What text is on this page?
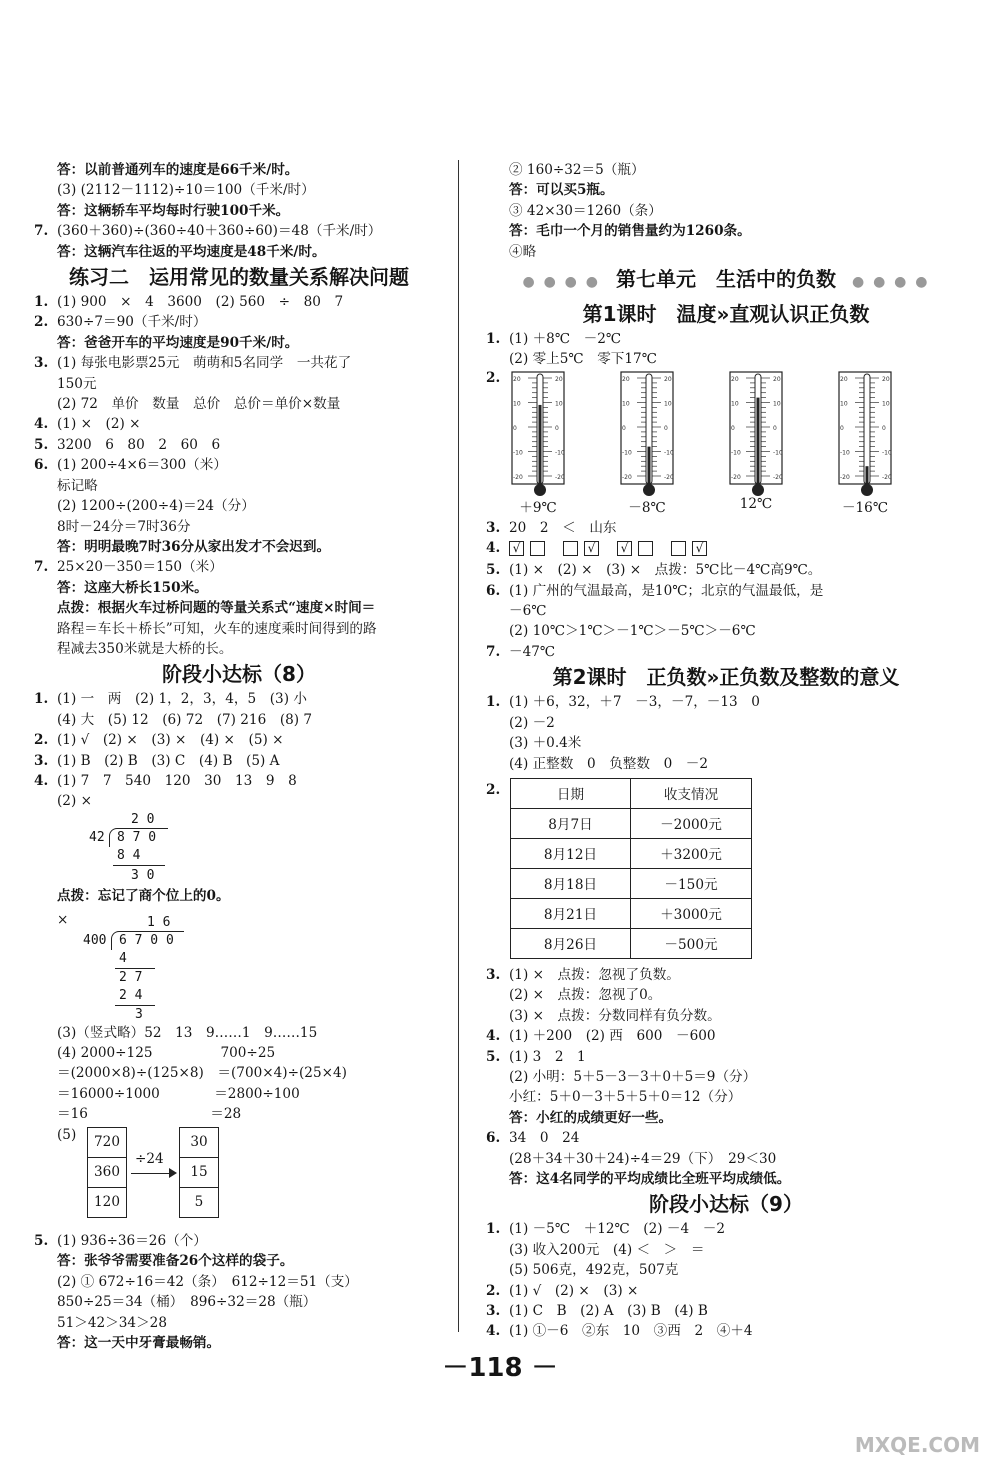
答：以前普通列车的速度是66千米/时。
(3) (2112－1112)÷10＝100（千米/时）
答：这辆轿车平均每时行驶100千米。
7. (360＋360)÷(360÷40＋360÷60)＝48（千米/时）
答：这辆汽车往返的平均速度是48千米/时。
练习二　运用常见的数量关系解决问题
1. (1) 900　×　4　3600　(2) 560　÷　80　7
2. 630÷7＝90（千米/时）
答：爸爸开车的平均速度是90千米/时。
3. (1) 每张电影票25元　萌萌和5名同学　一共花了
150元
(2) 72　单价　数量　总价　总价＝单价×数量
4. (1) ×　(2) ×
5. 3200　6　80　2　60　6
6. (1) 200÷4×6＝300（米）
标记略
(2) 1200÷(200÷4)＝24（分）
8时－24分＝7时36分
答：明明最晚7时36分从家出发才不会迟到。
7. 25×20－350＝150（米）
答：这座大桥长150米。
点拨：根据火车过桥问题的等量关系式“速度×时间＝
路程＝车长＋桥长”可知，火车的速度乘时间得到的路
程减去350米就是大桥的长。
阶段小达标（8）
1. (1) 一　两　(2) 1，2，3，4，5　(3) 小
(4) 大　(5) 12　(6) 72　(7) 216　(8) 7
2. (1) √　(2) ×　(3) ×　(4) ×　(5) ×
3. (1) B　(2) B　(3) C　(4) B　(5) A
4. (1) 7　7　540　120　30　13　9　8
(2) ×
2 0
42 8 7 0
8 4
3 0
点拨：忘记了商个位上的0。
×	1 6
400 6 7 0 0
4
2 7
2 4
3
(3)（竖式略）52　13　9……1　9……15
(4) 2000÷125　　　　　700÷25
＝(2000×8)÷(125×8)　＝(700×4)÷(25×4)
＝16000÷1000　　　　＝2800÷100
＝16　　　　　　　　　＝28
(5)	720
360
120
30
15
5
÷24
5. (1) 936÷36＝26（个）
答：张爷爷需要准备26个这样的袋子。
(2) ① 672÷16＝42（条）　612÷12＝51（支）
850÷25＝34（桶）　896÷32＝28（瓶）
51＞42＞34＞28
答：这一天中牙膏最畅销。
② 160÷32＝5（瓶）
答：可以买5瓶。
③ 42×30＝1260（条）
答：毛巾一个月的销售量约为1260条。
④略
● ● ● ●　第七单元　生活中的负数　● ● ● ●
第1课时　温度»直观认识正负数
1. (1) ＋8℃　－2℃
(2) 零上5℃　零下17℃
2.	20	20
10	10
0	0
-10	-10
-20	-20
＋9℃
20	20
10	10
0	0
-10	-10
-20	-20
－8℃
20	20
10	10
0	0
-10	-10
-20	-20
12℃
20	20
10	10
0	0
-10	-10
-20	-20
－16℃
3. 20　2　＜　山东
4. √	√ √	√
5. (1) ×　(2) ×　(3) ×　点拨：5℃比－4℃高9℃。
6. (1) 广州的气温最高，是10℃；北京的气温最低，是
－6℃
(2) 10℃＞1℃＞－1℃＞－5℃＞－6℃
7. －47℃
第2课时　正负数»正负数及整数的意义
1. (1) ＋6，32，＋7　－3，－7，－13　0
(2) －2
(3) ＋0.4米
(4) 正整数　0　负整数　0　－2
2.	日期	收支情况
8月7日	－2000元
8月12日	＋3200元
8月18日	－150元
8月21日	＋3000元
8月26日	－500元
3. (1) ×　点拨：忽视了负数。
(2) ×　点拨：忽视了0。
(3) ×　点拨：分数同样有负分数。
4. (1) ＋200　(2) 西　600　－600
5. (1) 3　2　1
(2) 小明：5＋5－3－3＋0＋5＝9（分）
小红：5＋0－3＋5＋5＋0＝12（分）
答：小红的成绩更好一些。
6. 34　0　24
(28＋34＋30＋24)÷4＝29（下）　29＜30
答：这4名同学的平均成绩比全班平均成绩低。
阶段小达标（9）
1. (1) －5℃　＋12℃　(2) －4　－2
(3) 收入200元　(4) ＜　＞　＝
(5) 506克，492克，507克
2. (1) √　(2) ×　(3) ×
3. (1) C　B　(2) A　(3) B　(4) B
4. (1) ①－6　②东　10　③西　2　④＋4
－118 －
MXQE.COM
